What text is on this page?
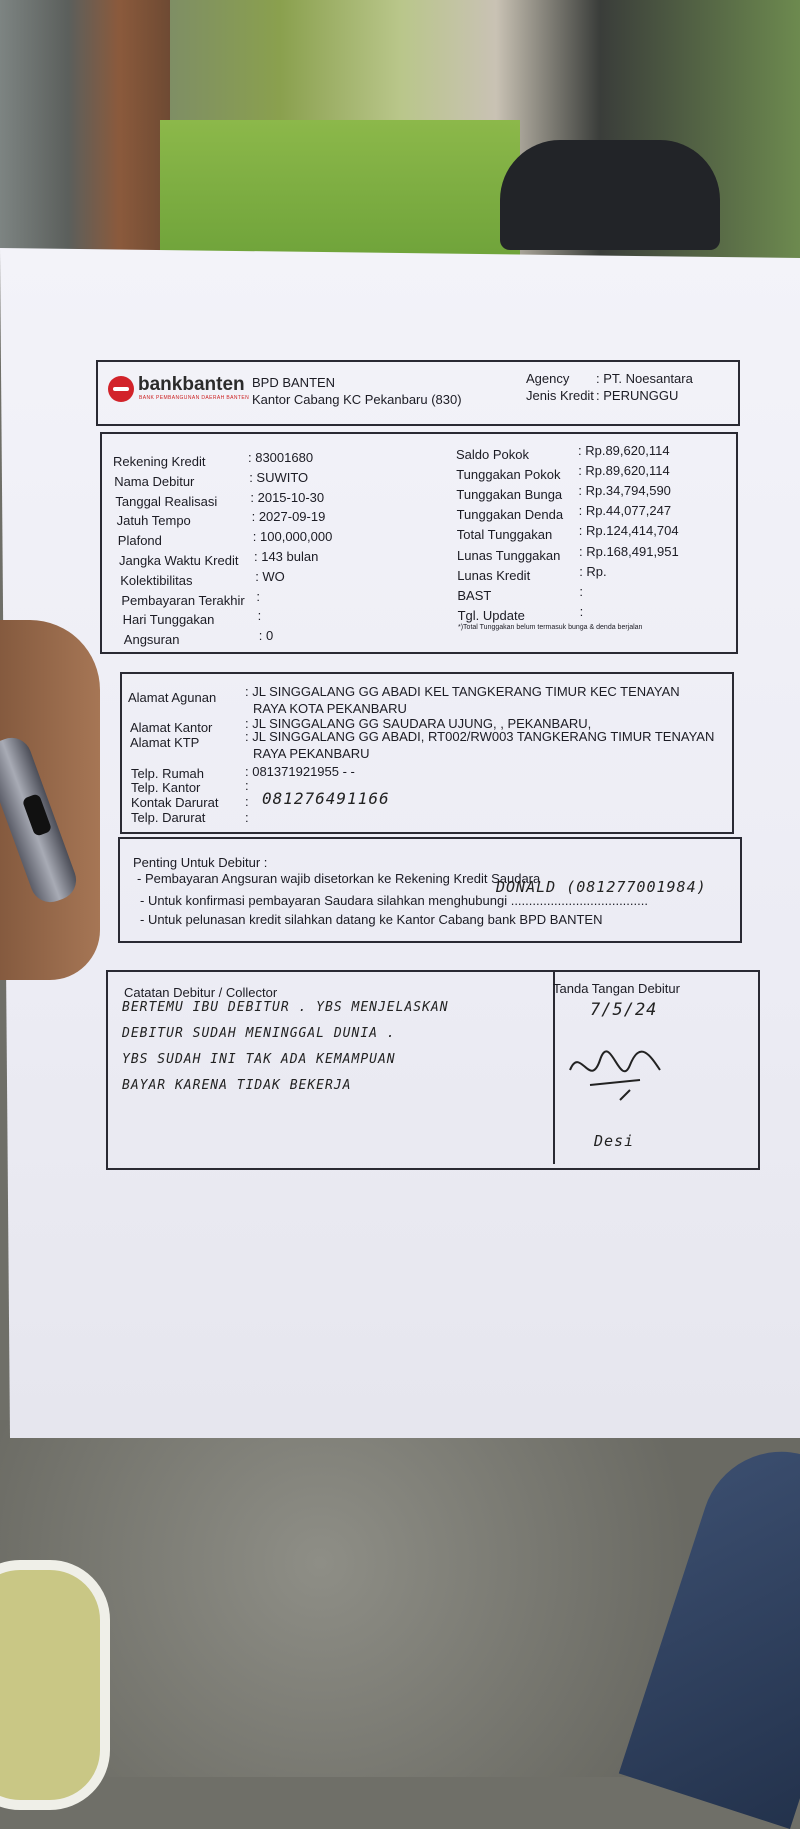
bankbanten
BANK PEMBANGUNAN DAERAH BANTEN
BPD BANTEN
Kantor Cabang KC Pekanbaru (830)
Agency : PT. Noesantara
Jenis Kredit : PERUNGGU
Rekening Kredit	: 83001680
Nama Debitur	: SUWITO
Tanggal Realisasi	: 2015-10-30
Jatuh Tempo	: 2027-09-19
Plafond	: 100,000,000
Jangka Waktu Kredit : 143 bulan
Kolektibilitas	: WO
Pembayaran Terakhir :
Hari Tunggakan	:
Angsuran	: 0
Saldo Pokok	: Rp.89,620,114
Tunggakan Pokok : Rp.89,620,114
Tunggakan Bunga : Rp.34,794,590
Tunggakan Denda : Rp.44,077,247
Total Tunggakan : Rp.124,414,704
Lunas Tunggakan : Rp.168,491,951
Lunas Kredit	: Rp.
BAST	:
Tgl. Update	:
*)Total Tunggakan belum termasuk bunga & denda berjalan
Alamat Agunan : JL SINGGALANG GG ABADI KEL TANGKERANG TIMUR KEC TENAYAN
RAYA KOTA PEKANBARU
Alamat Kantor	: JL SINGGALANG GG SAUDARA UJUNG, , PEKANBARU,
Alamat KTP	: JL SINGGALANG GG ABADI, RT002/RW003 TANGKERANG TIMUR TENAYAN
RAYA PEKANBARU
Telp. Rumah	: 081371921955 - -
Telp. Kantor	:
Kontak Darurat : 081276491166
Telp. Darurat	:
Penting Untuk Debitur :
- Pembayaran Angsuran wajib disetorkan ke Rekening Kredit Saudara
- Untuk konfirmasi pembayaran Saudara silahkan menghubungi ......................................
DONALD (081277001984)
- Untuk pelunasan kredit silahkan datang ke Kantor Cabang bank BPD BANTEN
Catatan Debitur / Collector
BERTEMU IBU DEBITUR . YBS MENJELASKAN
DEBITUR SUDAH MENINGGAL DUNIA .
YBS SUDAH INI TAK ADA KEMAMPUAN
BAYAR KARENA TIDAK BEKERJA
Tanda Tangan Debitur
7/5/24
Desi
